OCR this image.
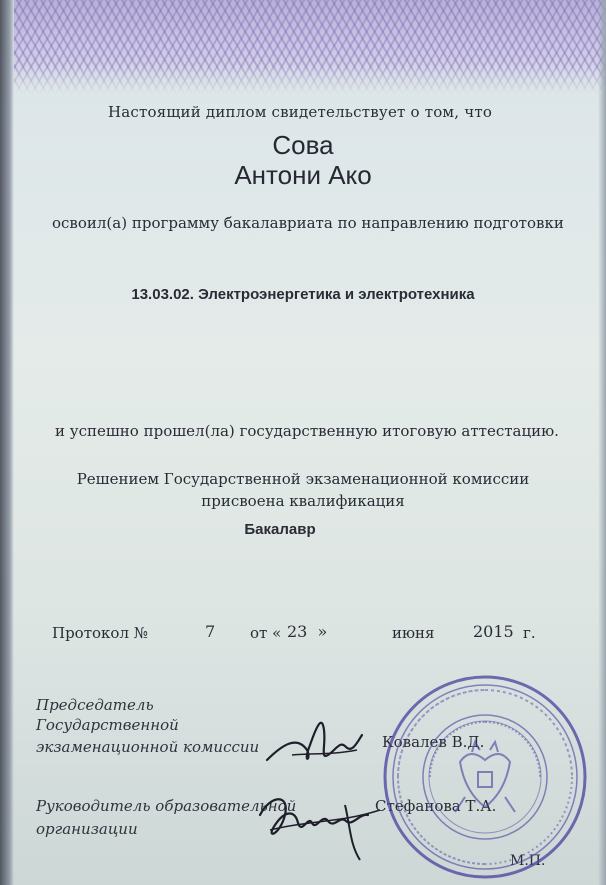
Настоящий диплом свидетельствует о том, что
Сова
Антони Ако
освоил(а) программу бакалавриата по направлению подготовки
13.03.02. Электроэнергетика и электротехника
и успешно прошел(ла) государственную итоговую аттестацию.
Решением Государственной экзаменационной комиссии
присвоена квалификация
Бакалавр
Протокол №	7 от « 23 »	июня 2015 г.
Председатель
Государственной
экзаменационной комиссии	Ковалев В.Д.
Руководитель образовательной
организации
Стефанова Т.А.
М.П.
